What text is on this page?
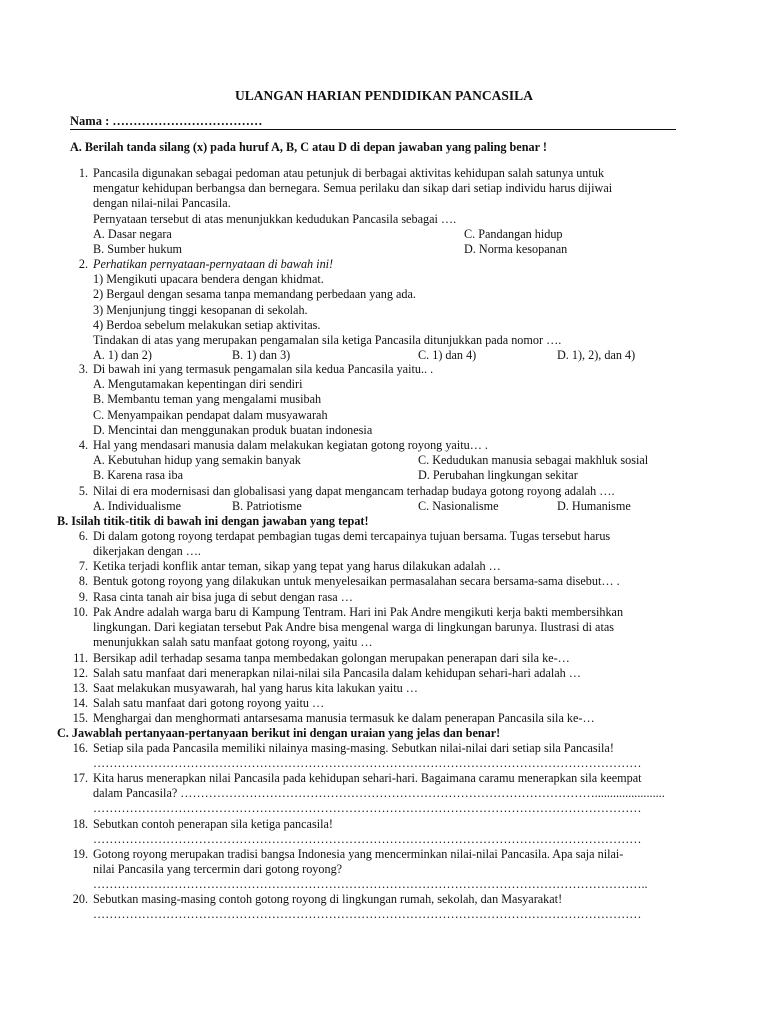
ULANGAN HARIAN PENDIDIKAN PANCASILA
Nama : ………………………………
A. Berilah tanda silang (x) pada huruf A, B, C atau D di depan jawaban yang paling benar !
1. Pancasila digunakan sebagai pedoman atau petunjuk di berbagai aktivitas kehidupan salah satunya untuk
mengatur kehidupan berbangsa dan bernegara. Semua perilaku dan sikap dari setiap individu harus dijiwai
dengan nilai-nilai Pancasila.
Pernyataan tersebut di atas menunjukkan kedudukan Pancasila sebagai ….
A. Dasar negara	C. Pandangan hidup
B. Sumber hukum	D. Norma kesopanan
2. Perhatikan pernyataan-pernyataan di bawah ini!
1) Mengikuti upacara bendera dengan khidmat.
2) Bergaul dengan sesama tanpa memandang perbedaan yang ada.
3) Menjunjung tinggi kesopanan di sekolah.
4) Berdoa sebelum melakukan setiap aktivitas.
Tindakan di atas yang merupakan pengamalan sila ketiga Pancasila ditunjukkan pada nomor ….
A. 1) dan 2)	B. 1) dan 3)	C. 1) dan 4)	D. 1), 2), dan 4)
3. Di bawah ini yang termasuk pengamalan sila kedua Pancasila yaitu.. .
A. Mengutamakan kepentingan diri sendiri
B. Membantu teman yang mengalami musibah
C. Menyampaikan pendapat dalam musyawarah
D. Mencintai dan menggunakan produk buatan indonesia
4. Hal yang mendasari manusia dalam melakukan kegiatan gotong royong yaitu… .
A. Kebutuhan hidup yang semakin banyak	C. Kedudukan manusia sebagai makhluk sosial
B. Karena rasa iba	D. Perubahan lingkungan sekitar
5. Nilai di era modernisasi dan globalisasi yang dapat mengancam terhadap budaya gotong royong adalah ….
A. Individualisme	B. Patriotisme	C. Nasionalisme	D. Humanisme
B. Isilah titik-titik di bawah ini dengan jawaban yang tepat!
6. Di dalam gotong royong terdapat pembagian tugas demi tercapainya tujuan bersama. Tugas tersebut harus
dikerjakan dengan ….
7. Ketika terjadi konflik antar teman, sikap yang tepat yang harus dilakukan adalah …
8. Bentuk gotong royong yang dilakukan untuk menyelesaikan permasalahan secara bersama-sama disebut… .
9. Rasa cinta tanah air bisa juga di sebut dengan rasa …
10. Pak Andre adalah warga baru di Kampung Tentram. Hari ini Pak Andre mengikuti kerja bakti membersihkan
lingkungan. Dari kegiatan tersebut Pak Andre bisa mengenal warga di lingkungan barunya. Ilustrasi di atas
menunjukkan salah satu manfaat gotong royong, yaitu …
11. Bersikap adil terhadap sesama tanpa membedakan golongan merupakan penerapan dari sila ke-…
12. Salah satu manfaat dari menerapkan nilai-nilai sila Pancasila dalam kehidupan sehari-hari adalah …
13. Saat melakukan musyawarah, hal yang harus kita lakukan yaitu …
14. Salah satu manfaat dari gotong royong yaitu …
15. Menghargai dan menghormati antarsesama manusia termasuk ke dalam penerapan Pancasila sila ke-…
C. Jawablah pertanyaan-pertanyaan berikut ini dengan uraian yang jelas dan benar!
16. Setiap sila pada Pancasila memiliki nilainya masing-masing. Sebutkan nilai-nilai dari setiap sila Pancasila!
………………………………………………………………………………………………………………………
17. Kita harus menerapkan nilai Pancasila pada kehidupan sehari-hari. Bagaimana caramu menerapkan sila keempat
dalam Pancasila? ………………………………………………………………………………………….......................
………………………………………………………………………………………………………………………
18. Sebutkan contoh penerapan sila ketiga pancasila!
………………………………………………………………………………………………………………………
19. Gotong royong merupakan tradisi bangsa Indonesia yang mencerminkan nilai-nilai Pancasila. Apa saja nilai-
nilai Pancasila yang tercermin dari gotong royong?
………………………………………………………………………………………………………………………..
20. Sebutkan masing-masing contoh gotong royong di lingkungan rumah, sekolah, dan Masyarakat!
………………………………………………………………………………………………………………………
